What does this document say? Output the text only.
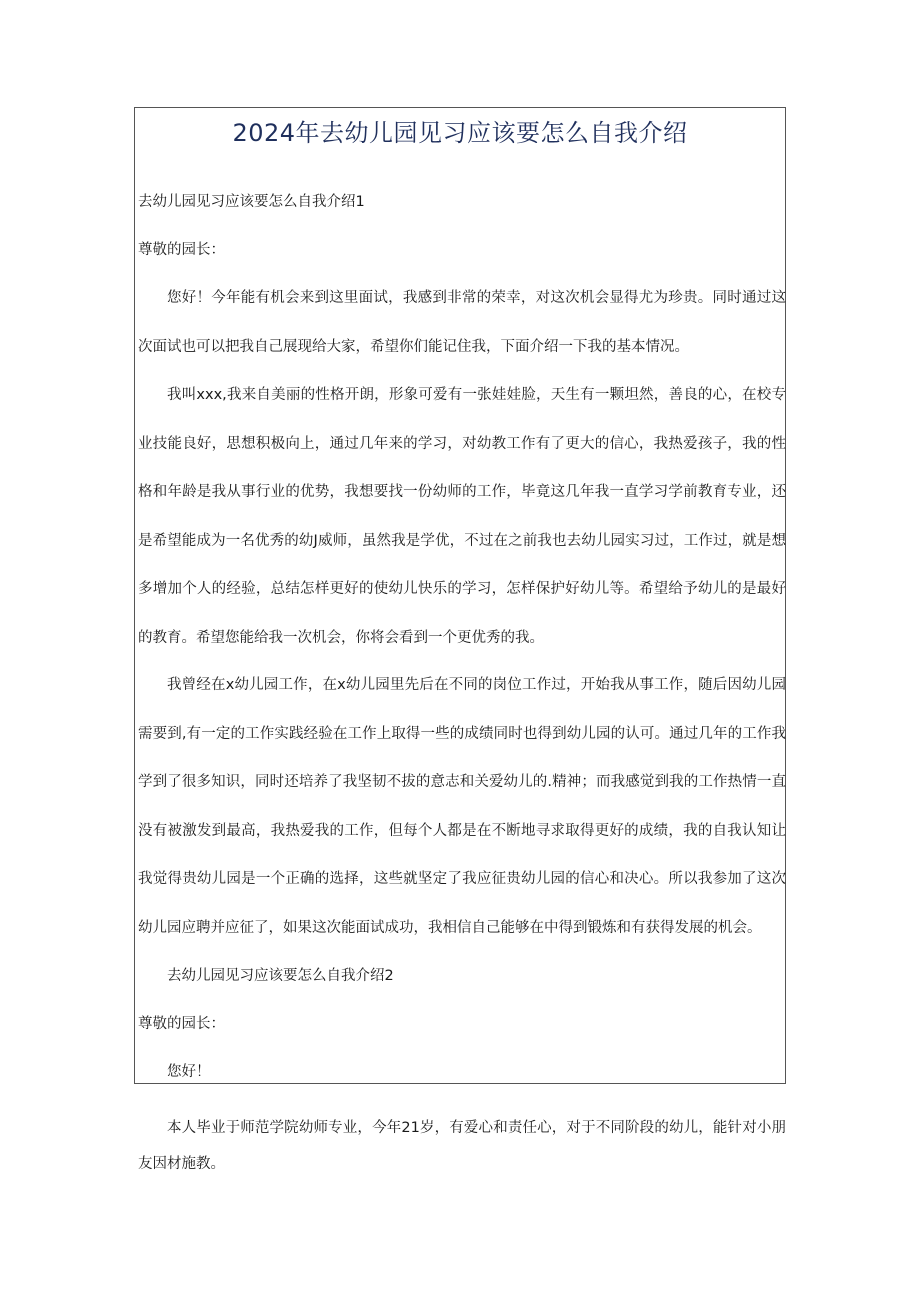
2024年去幼儿园见习应该要怎么自我介绍
去幼儿园见习应该要怎么自我介绍1
尊敬的园长：
您好！今年能有机会来到这里面试，我感到非常的荣幸，对这次机会显得尤为珍贵。同时通过这次面试也可以把我自己展现给大家，希望你们能记住我，下面介绍一下我的基本情况。
我叫xxx,我来自美丽的性格开朗，形象可爱有一张娃娃脸，天生有一颗坦然，善良的心，在校专业技能良好，思想积极向上，通过几年来的学习，对幼教工作有了更大的信心，我热爱孩子，我的性格和年龄是我从事行业的优势，我想要找一份幼师的工作，毕竟这几年我一直学习学前教育专业，还是希望能成为一名优秀的幼J威师，虽然我是学优，不过在之前我也去幼儿园实习过，工作过，就是想多增加个人的经验，总结怎样更好的使幼儿快乐的学习，怎样保护好幼儿等。希望给予幼儿的是最好的教育。希望您能给我一次机会，你将会看到一个更优秀的我。
我曾经在x幼儿园工作，在x幼儿园里先后在不同的岗位工作过，开始我从事工作，随后因幼儿园需要到,有一定的工作实践经验在工作上取得一些的成绩同时也得到幼儿园的认可。通过几年的工作我学到了很多知识，同时还培养了我坚韧不拔的意志和关爱幼儿的.精神；而我感觉到我的工作热情一直没有被激发到最高，我热爱我的工作，但每个人都是在不断地寻求取得更好的成绩，我的自我认知让我觉得贵幼儿园是一个正确的选择，这些就坚定了我应征贵幼儿园的信心和决心。所以我参加了这次幼儿园应聘并应征了，如果这次能面试成功，我相信自己能够在中得到锻炼和有获得发展的机会。
去幼儿园见习应该要怎么自我介绍2
尊敬的园长：
您好！
本人毕业于师范学院幼师专业，今年21岁，有爱心和责任心，对于不同阶段的幼儿，能针对小朋友因材施教。
